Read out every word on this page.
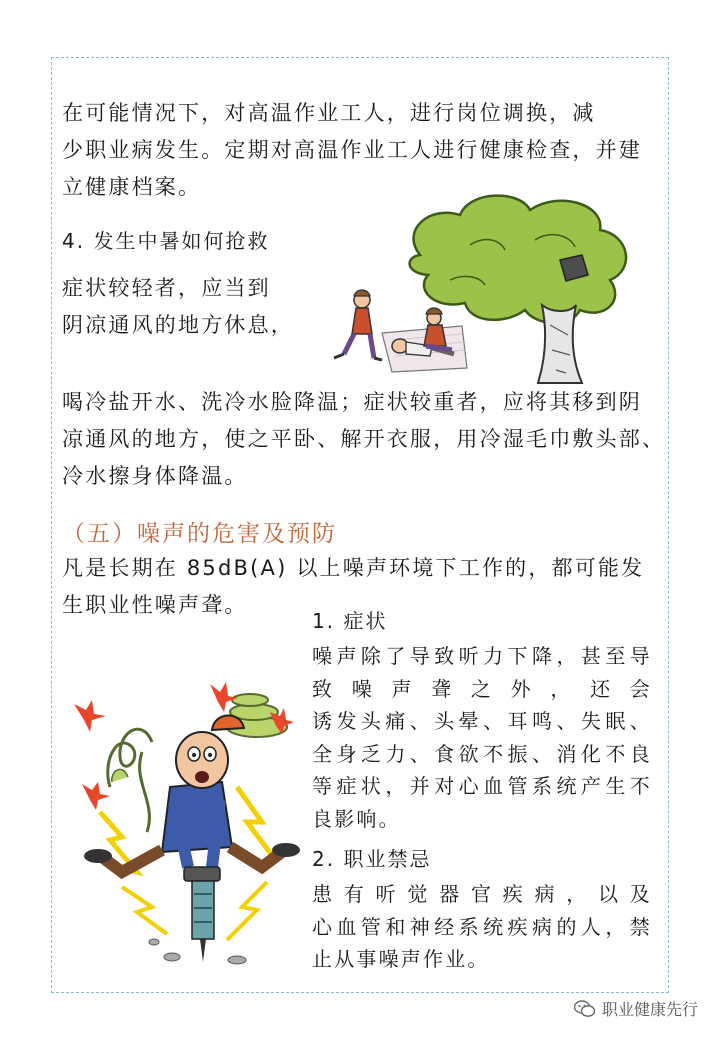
在可能情况下，对高温作业工人，进行岗位调换，减
少职业病发生。定期对高温作业工人进行健康检查，并建
立健康档案。

4. 发生中暑如何抢救

症状较轻者，应当到
阴凉通风的地方休息，

喝冷盐开水、洗冷水脸降温；症状较重者，应将其移到阴
凉通风的地方，使之平卧、解开衣服，用冷湿毛巾敷头部、
冷水擦身体降温。

（五）噪声的危害及预防

凡是长期在 85dB(A) 以上噪声环境下工作的，都可能发
生职业性噪声聋。

1. 症状

噪声除了导致听力下降，甚至导
致噪声聋之外，还会
诱发头痛、头晕、耳鸣、失眠、
全身乏力、食欲不振、消化不良
等症状，并对心血管系统产生不
良影响。

2. 职业禁忌

患有听觉器官疾病，以及
心血管和神经系统疾病的人，禁
止从事噪声作业。
职业健康先行
